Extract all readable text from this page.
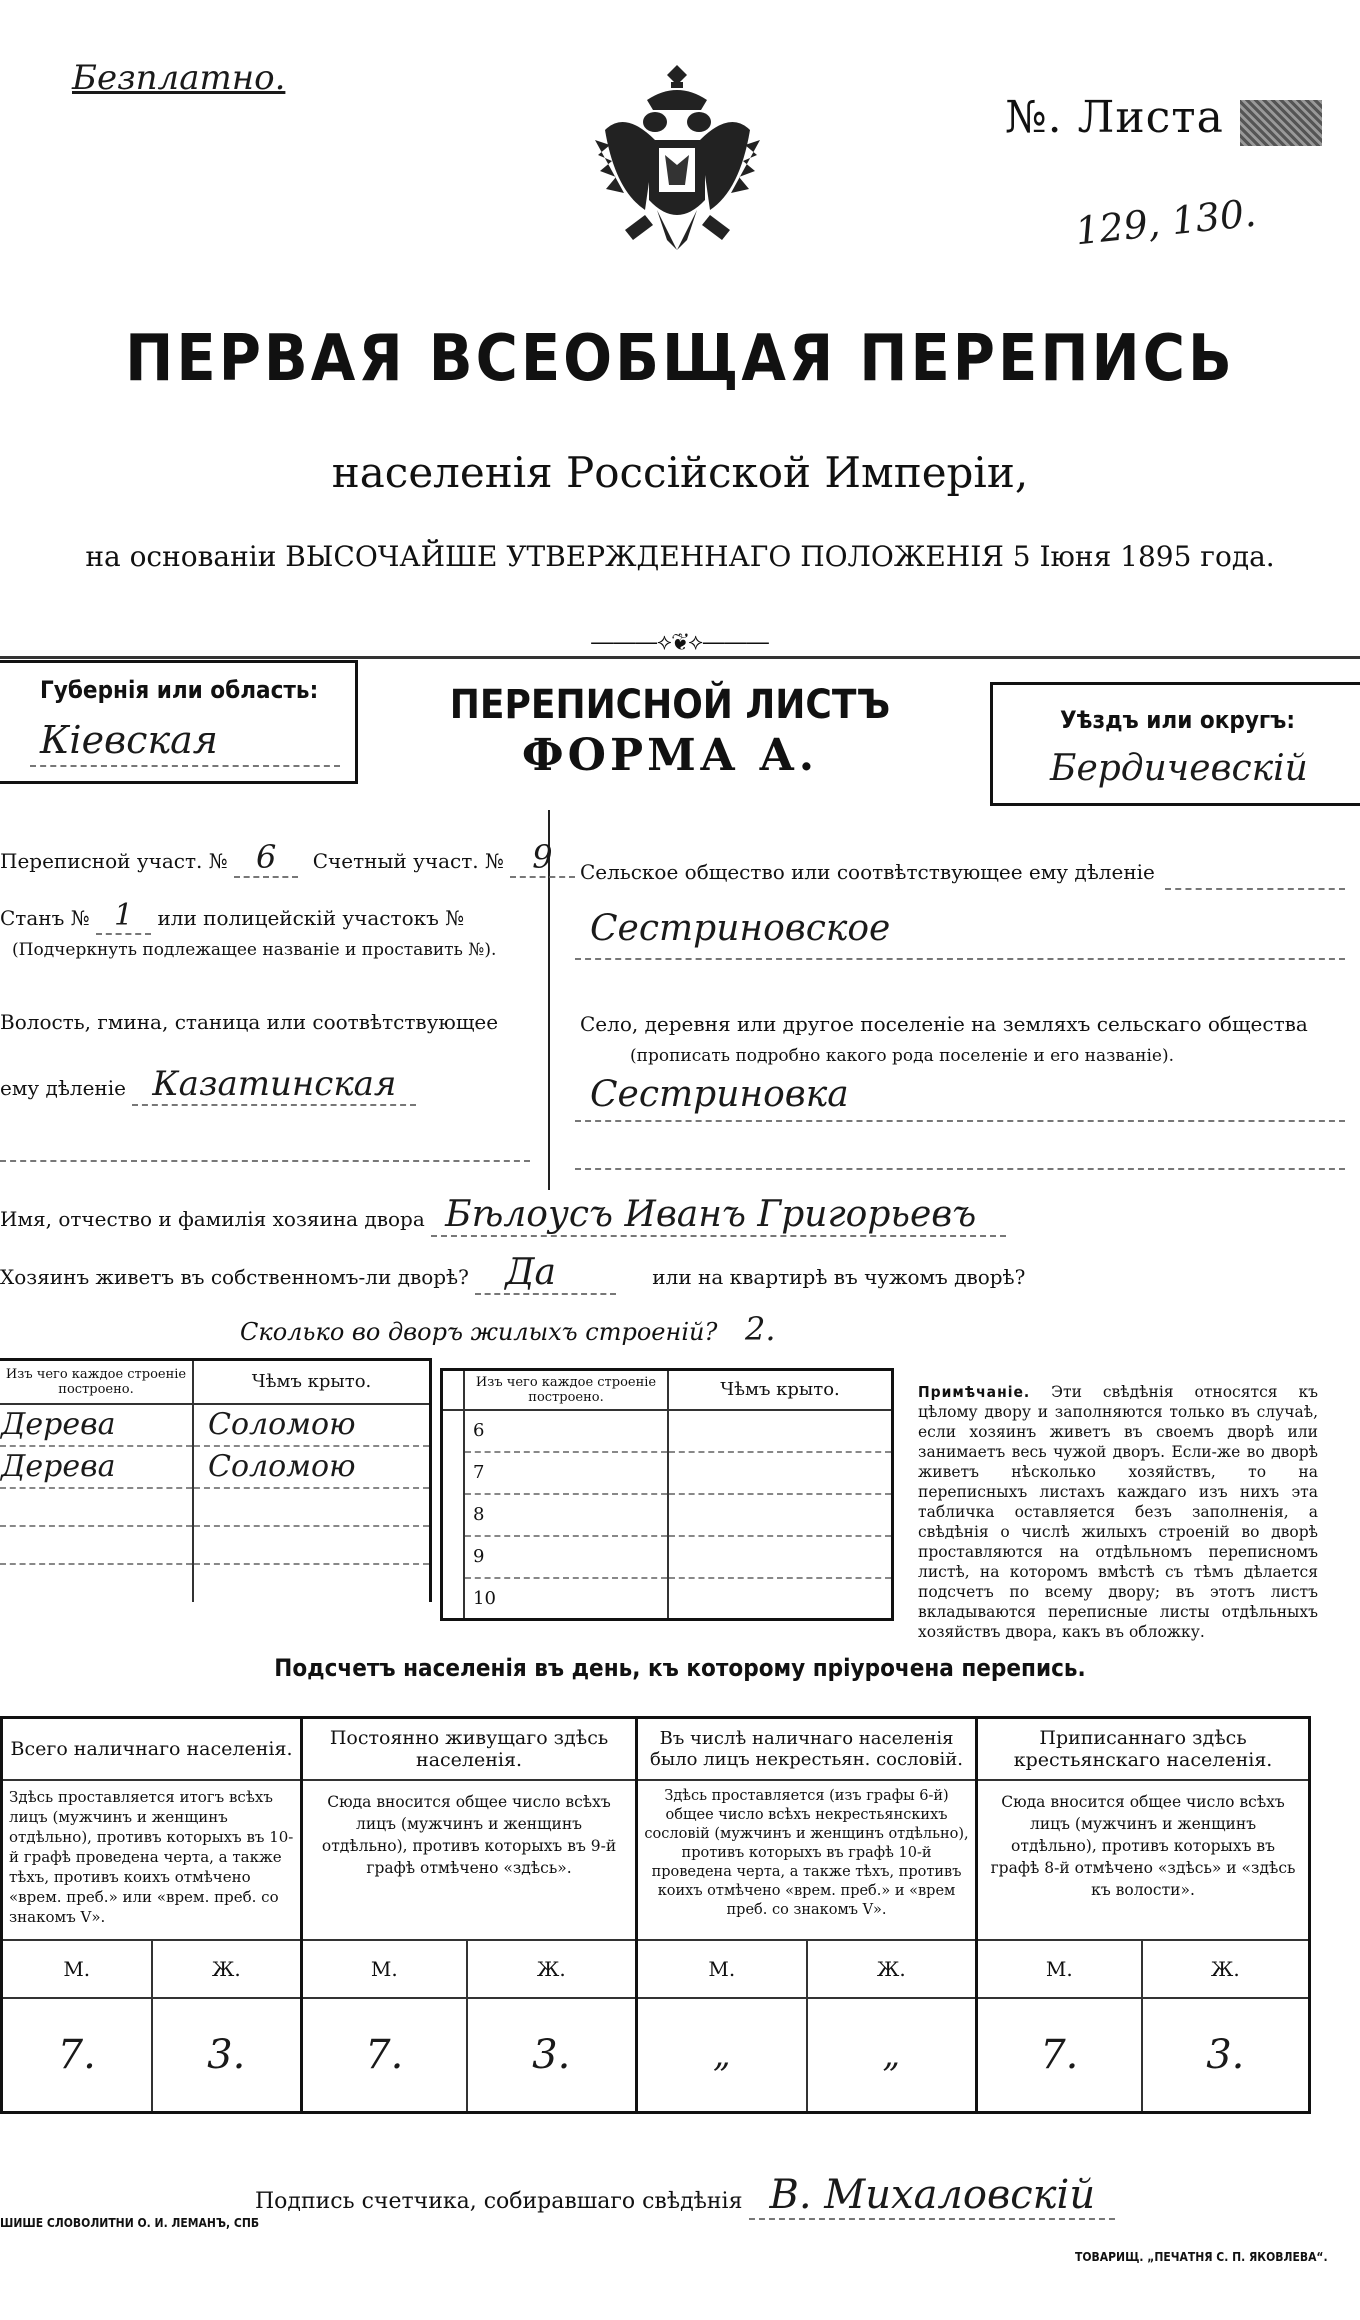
Безплатно.
№. Листа
129, 130.
ПЕРВАЯ ВСЕОБЩАЯ ПЕРЕПИСЬ
населенія Россійской Имперіи,
на основаніи ВЫСОЧАЙШЕ УТВЕРЖДЕННАГО ПОЛОЖЕНІЯ 5 Іюня 1895 года.
―――⟡❦⟡―――
Губернія или область:
Кіевская
ПЕРЕПИСНОЙ ЛИСТЪ
ФОРМА А.
Уѣздъ или округъ:
Бердичевскій
Переписной участ. № 6 Счетный участ. № 9
Станъ № 1 или полицейскій участокъ №
(Подчеркнуть подлежащее названіе и проставить №).
Волость, гмина, станица или соотвѣтствующее
ему дѣленіе Казатинская
Сельское общество или соотвѣтствующее ему дѣленіе
Сестриновское
Село, деревня или другое поселеніе на земляхъ сельскаго общества
(прописать подробно какого рода поселеніе и его названіе).
Сестриновка
Имя, отчество и фамилія хозяина двора Бѣлоусъ Иванъ Григорьевъ
Хозяинъ живетъ въ собственномъ-ли дворѣ? Да	или на квартирѣ въ чужомъ дворѣ?
Сколько во дворъ жилыхъ строеній? 2.
Изъ чего каждое строеніе построено.	Чѣмъ крыто.
Дерева	Соломою
Дерева	Соломою

	Изъ чего каждое строеніе построено.	Чѣмъ крыто.
	6	
	7	
	8	
	9	
	10	
Примѣчаніе. Эти свѣдѣнія относятся къ цѣлому двору и заполняются только въ случаѣ, если хозяинъ живетъ въ своемъ дворѣ или занимаетъ весь чужой дворъ. Если-же во дворѣ живетъ нѣсколько хозяйствъ, то на переписныхъ листахъ каждаго изъ нихъ эта табличка оставляется безъ заполненія, а свѣдѣнія о числѣ жилыхъ строеній во дворѣ проставляются на отдѣльномъ переписномъ листѣ, на которомъ вмѣстѣ съ тѣмъ дѣлается подсчетъ по всему двору; въ этотъ листъ вкладываются переписные листы отдѣльныхъ хозяйствъ двора, какъ въ обложку.
Подсчетъ населенія въ день, къ которому пріурочена перепись.
Всего наличнаго населенія.		Постоянно живущаго здѣсь населенія.		Въ числѣ наличнаго населенія было лицъ некрестьян. сословій.		Приписаннаго здѣсь крестьянскаго населенія.	
Здѣсь проставляется итогъ всѣхъ лицъ (мужчинъ и женщинъ отдѣльно), противъ которыхъ въ 10-й графѣ проведена черта, а также тѣхъ, противъ коихъ отмѣчено «врем. преб.» или «врем. преб. со знакомъ V».		Сюда вносится общее число всѣхъ лицъ (мужчинъ и женщинъ отдѣльно), противъ которыхъ въ 9-й графѣ отмѣчено «здѣсь».		Здѣсь проставляется (изъ графы 6-й) общее число всѣхъ некрестьянскихъ сословій (мужчинъ и женщинъ отдѣльно), противъ которыхъ въ графѣ 10-й проведена черта, а также тѣхъ, противъ коихъ отмѣчено «врем. преб.» и «врем преб. со знакомъ V».		Сюда вносится общее число всѣхъ лицъ (мужчинъ и женщинъ отдѣльно), противъ которыхъ въ графѣ 8-й отмѣчено «здѣсь» и «здѣсь къ волости».	
М.	Ж.	М.	Ж.	М.	Ж.	М.	Ж.
7.	3.	7.	3.	„	„	7.	3.
Подпись счетчика, собиравшаго свѣдѣнія В. Михаловскій
ШИШЕ СЛОВОЛИТНИ О. И. ЛЕМАНЪ, СПБ
ТОВАРИЩ. „ПЕЧАТНЯ С. П. ЯКОВЛЕВА“.
